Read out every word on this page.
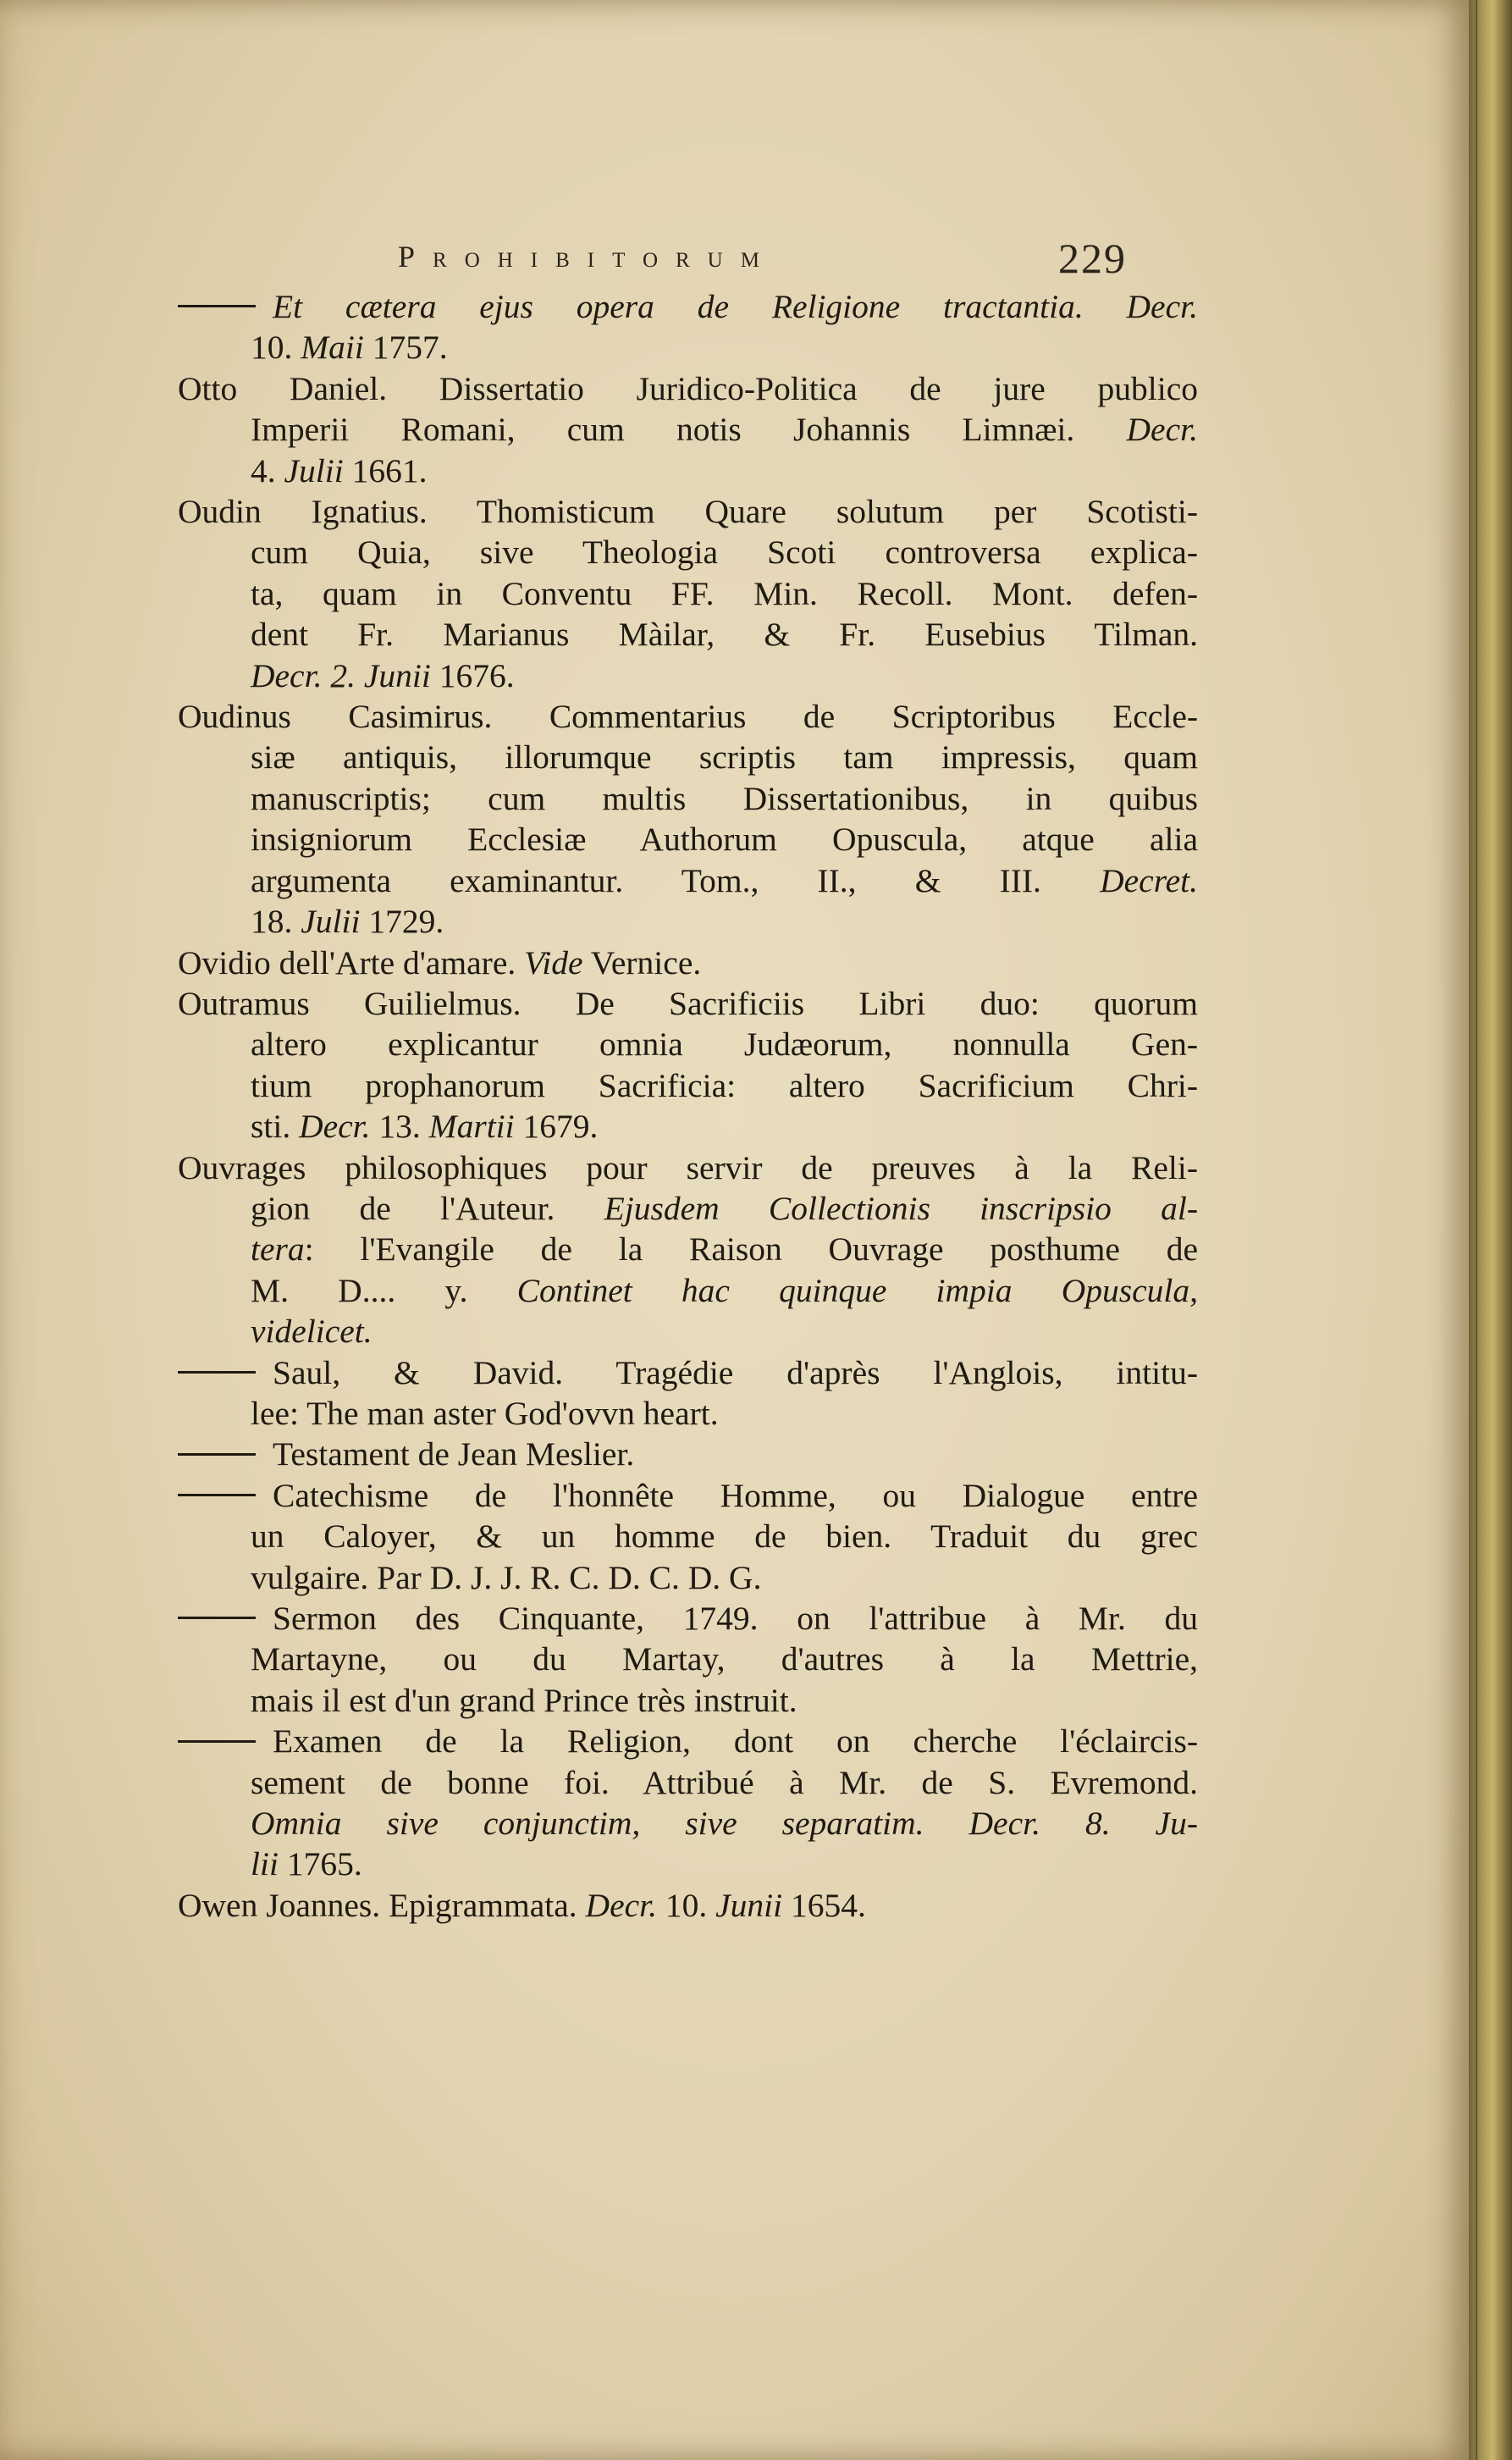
Prohibitorum	229
Et cætera ejus opera de Religione tractantia. Decr.
10. Maii 1757.
Otto Daniel. Dissertatio Juridico-Politica de jure publico
Imperii Romani, cum notis Johannis Limnæi. Decr.
4. Julii 1661.
Oudin Ignatius. Thomisticum Quare solutum per Scotisti-
cum Quia, sive Theologia Scoti controversa explica-
ta, quam in Conventu FF. Min. Recoll. Mont. defen-
dent Fr. Marianus Màilar, & Fr. Eusebius Tilman.
Decr. 2. Junii 1676.
Oudinus Casimirus. Commentarius de Scriptoribus Eccle-
siæ antiquis, illorumque scriptis tam impressis, quam
manuscriptis; cum multis Dissertationibus, in quibus
insigniorum Ecclesiæ Authorum Opuscula, atque alia
argumenta examinantur. Tom., II., & III. Decret.
18. Julii 1729.
Ovidio dell'Arte d'amare. Vide Vernice.
Outramus Guilielmus. De Sacrificiis Libri duo: quorum
altero explicantur omnia Judæorum, nonnulla Gen-
tium prophanorum Sacrificia: altero Sacrificium Chri-
sti. Decr. 13. Martii 1679.
Ouvrages philosophiques pour servir de preuves à la Reli-
gion de l'Auteur. Ejusdem Collectionis inscripsio al-
tera: l'Evangile de la Raison Ouvrage posthume de
M. D.... y. Continet hac quinque impia Opuscula,
videlicet.
Saul, & David. Tragédie d'après l'Anglois, intitu-
lee: The man aster God'ovvn heart.
Testament de Jean Meslier.
Catechisme de l'honnête Homme, ou Dialogue entre
un Caloyer, & un homme de bien. Traduit du grec
vulgaire. Par D. J. J. R. C. D. C. D. G.
Sermon des Cinquante, 1749. on l'attribue à Mr. du
Martayne, ou du Martay, d'autres à la Mettrie,
mais il est d'un grand Prince très instruit.
Examen de la Religion, dont on cherche l'éclaircis-
sement de bonne foi. Attribué à Mr. de S. Evremond.
Omnia sive conjunctim, sive separatim. Decr. 8. Ju-
lii 1765.
Owen Joannes. Epigrammata. Decr. 10. Junii 1654.
